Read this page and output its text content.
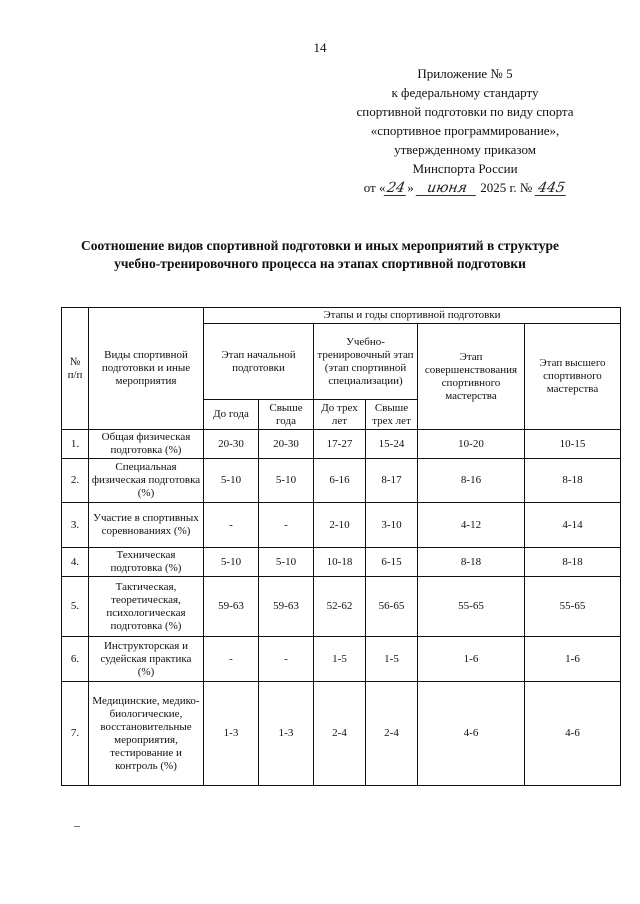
14
Приложение № 5
к федеральному стандарту
спортивной подготовки по виду спорта
«спортивное программирование»,
утвержденному приказом
Минспорта России
от «24» июня 2025 г. № 445
Соотношение видов спортивной подготовки и иных мероприятий в структуре
учебно-тренировочного процесса на этапах спортивной подготовки
№ п/п	Виды спортивной подготовки и иные мероприятия	Этапы и годы спортивной подготовки					
		Этап начальной подготовки		Учебно-тренировочный этап (этап спортивной специализации)		Этап совершенствования спортивного мастерства	Этап высшего спортивного мастерства
		До года	Свыше года	До трех лет	Свыше трех лет		
1.	Общая физическая подготовка (%)	20-30	20-30	17-27	15-24	10-20	10-15
2.	Специальная физическая подготовка (%)	5-10	5-10	6-16	8-17	8-16	8-18
3.	Участие в спортивных соревнованиях (%)	-	-	2-10	3-10	4-12	4-14
4.	Техническая подготовка (%)	5-10	5-10	10-18	6-15	8-18	8-18
5.	Тактическая, теоретическая, психологическая подготовка (%)	59-63	59-63	52-62	56-65	55-65	55-65
6.	Инструкторская и судейская практика (%)	-	-	1-5	1-5	1-6	1-6
7.	Медицинские, медико-биологические, восстановительные мероприятия, тестирование и контроль (%)	1-3	1-3	2-4	2-4	4-6	4-6
